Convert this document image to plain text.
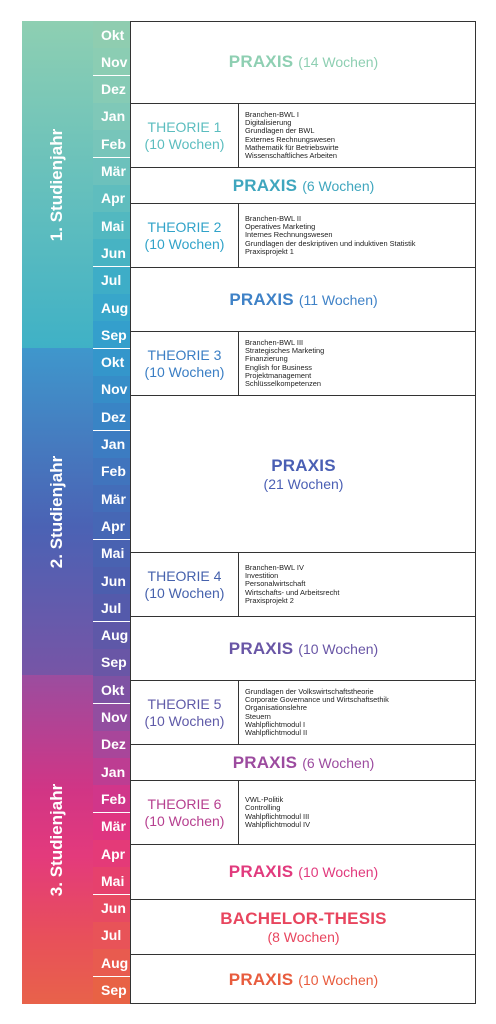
1. Studienjahr
2. Studienjahr
3. Studienjahr
Okt
Nov
Dez
Jan
Feb
Mär
Apr
Mai
Jun
Jul
Aug
Sep
Okt
Nov
Dez
Jan
Feb
Mär
Apr
Mai
Jun
Jul
Aug
Sep
Okt
Nov
Dez
Jan
Feb
Mär
Apr
Mai
Jun
Jul
Aug
Sep
PRAXIS (14 Wochen)
THEORIE 1
(10 Wochen)
Branchen-BWL I
Digitalisierung
Grundlagen der BWL
Externes Rechnungswesen
Mathematik für Betriebswirte
Wissenschaftliches Arbeiten
PRAXIS (6 Wochen)
THEORIE 2
(10 Wochen)
Branchen-BWL II
Operatives Marketing
Internes Rechnungswesen
Grundlagen der deskriptiven und induktiven Statistik
Praxisprojekt 1
PRAXIS (11 Wochen)
THEORIE 3
(10 Wochen)
Branchen-BWL III
Strategisches Marketing
Finanzierung
English for Business
Projektmanagement
Schlüsselkompetenzen
PRAXIS
(21 Wochen)
THEORIE 4
(10 Wochen)
Branchen-BWL IV
Investition
Personalwirtschaft
Wirtschafts- und Arbeitsrecht
Praxisprojekt 2
PRAXIS (10 Wochen)
THEORIE 5
(10 Wochen)
Grundlagen der Volkswirtschaftstheorie
Corporate Governance und Wirtschaftsethik
Organisationslehre
Steuern
Wahlpflichtmodul I
Wahlpflichtmodul II
PRAXIS (6 Wochen)
THEORIE 6
(10 Wochen)
VWL-Politik
Controlling
Wahlpflichtmodul III
Wahlpflichtmodul IV
PRAXIS (10 Wochen)
BACHELOR-THESIS
(8 Wochen)
PRAXIS (10 Wochen)
